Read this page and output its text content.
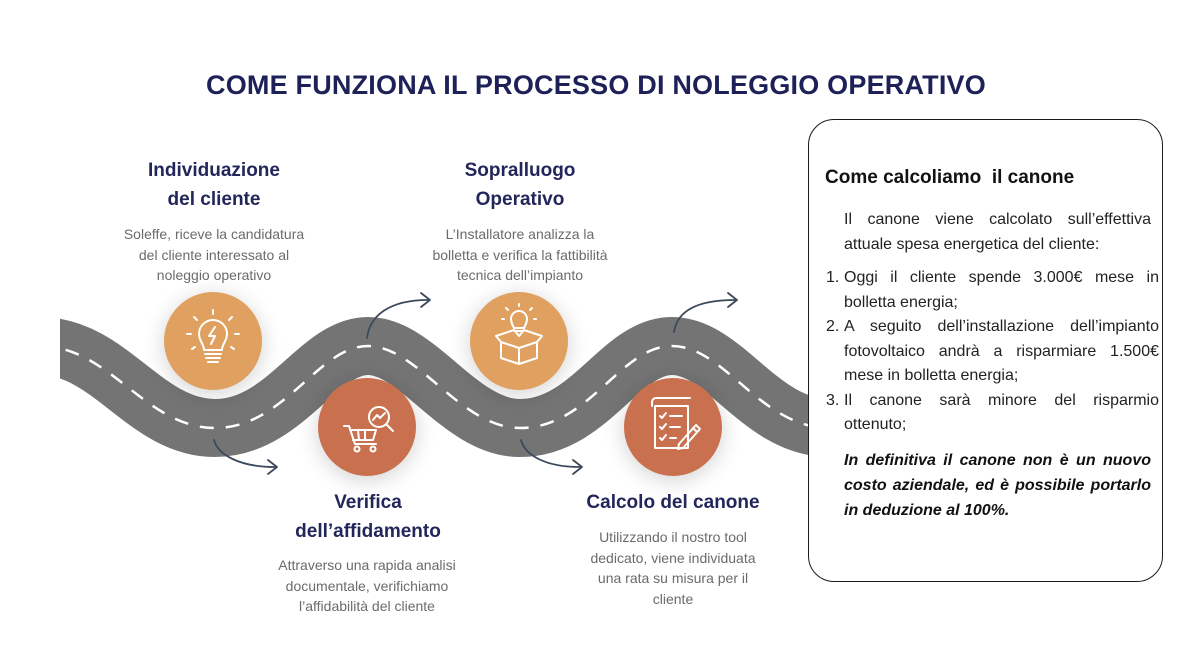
COME FUNZIONA IL PROCESSO DI NOLEGGIO OPERATIVO
Individuazione
del cliente
Soleffe, riceve la candidatura
del cliente interessato al
noleggio operativo
Verifica
dell’affidamento
Attraverso una rapida analisi
documentale, verifichiamo
l’affidabilità del cliente
Sopralluogo
Operativo
L’Installatore analizza la
bolletta e verifica la fattibilità
tecnica dell’impianto
Calcolo del canone
Utilizzando il nostro tool
dedicato, viene individuata
una rata su misura per il
cliente
Come calcoliamo  il canone
Il canone viene calcolato sull’effettiva attuale spesa energetica del cliente:
1. Oggi il cliente spende 3.000€ mese in bolletta energia;
2. A seguito dell’installazione dell’impianto fotovoltaico andrà a risparmiare 1.500€ mese in bolletta energia;
3. Il canone sarà minore del risparmio ottenuto;
In definitiva il canone non è un nuovo costo aziendale, ed è possibile portarlo in deduzione al 100%.
